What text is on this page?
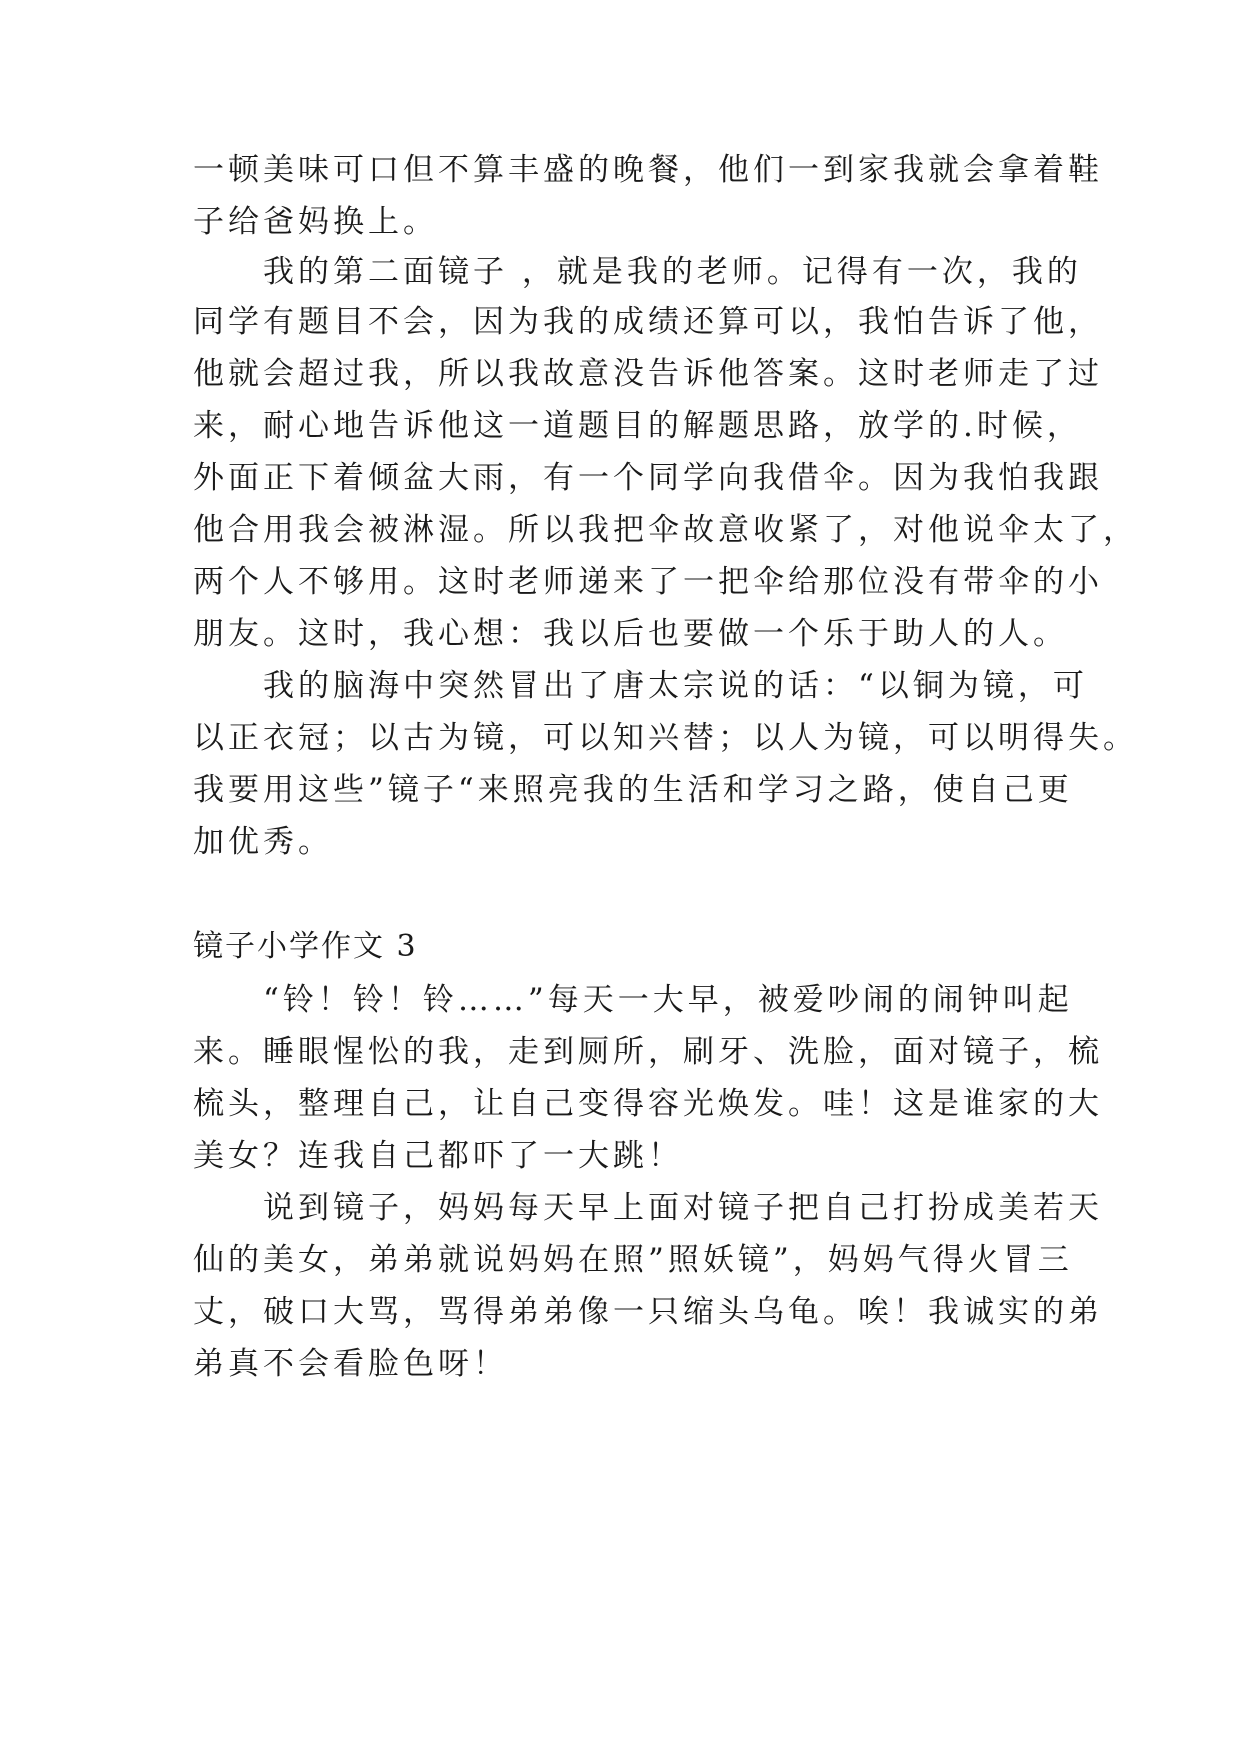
一顿美味可口但不算丰盛的晚餐，他们一到家我就会拿着鞋
子给爸妈换上。
　　我的第二面镜子 ，就是我的老师。记得有一次，我的
同学有题目不会，因为我的成绩还算可以，我怕告诉了他，
他就会超过我，所以我故意没告诉他答案。这时老师走了过
来，耐心地告诉他这一道题目的解题思路，放学的.时候，
外面正下着倾盆大雨，有一个同学向我借伞。因为我怕我跟
他合用我会被淋湿。所以我把伞故意收紧了，对他说伞太了，
两个人不够用。这时老师递来了一把伞给那位没有带伞的小
朋友。这时，我心想：我以后也要做一个乐于助人的人。
　　我的脑海中突然冒出了唐太宗说的话：“以铜为镜，可
以正衣冠；以古为镜，可以知兴替；以人为镜，可以明得失。
我要用这些”镜子“来照亮我的生活和学习之路，使自己更
加优秀。
镜子小学作文 3
　　“铃！铃！铃……”每天一大早，被爱吵闹的闹钟叫起
来。睡眼惺忪的我，走到厕所，刷牙、洗脸，面对镜子，梳
梳头，整理自己，让自己变得容光焕发。哇！这是谁家的大
美女？连我自己都吓了一大跳！
　　说到镜子，妈妈每天早上面对镜子把自己打扮成美若天
仙的美女，弟弟就说妈妈在照”照妖镜”，妈妈气得火冒三
丈，破口大骂，骂得弟弟像一只缩头乌龟。唉！我诚实的弟
弟真不会看脸色呀！
